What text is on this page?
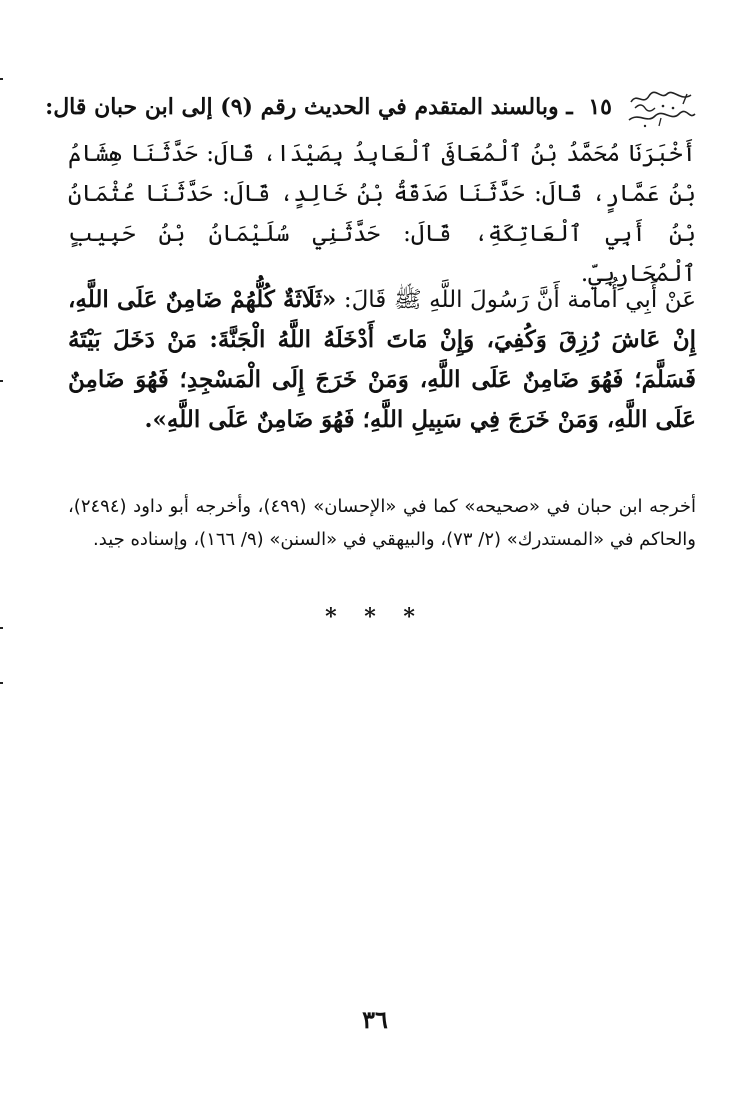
١٥ ـ وبالسند المتقدم في الحديث رقم (٩) إلى ابن حبان قال:
أَخْبَرَنَا مُحَمَّدُ بْنُ ٱلْمُعَافَى ٱلْعَابِدُ بِصَيْدَا، قَالَ: حَدَّثَنَا هِشَامُ بْنُ عَمَّارٍ، قَالَ: حَدَّثَنَا صَدَقَةُ بْنُ خَالِدٍ، قَالَ: حَدَّثَنَا عُثْمَانُ بْنُ أَبِي ٱلْعَاتِكَةِ، قَالَ: حَدَّثَنِي سُلَيْمَانُ بْنُ حَبِيبٍ ٱلْمُحَارِبِيّ.
عَنْ أَبِي أُمامة أَنَّ رَسُولَ اللَّهِ ﷺ قَالَ: «ثَلَاثَةٌ كُلُّهُمْ ضَامِنٌ عَلَى اللَّهِ، إِنْ عَاشَ رُزِقَ وَكُفِيَ، وَإِنْ مَاتَ أَدْخَلَهُ اللَّهُ الْجَنَّةَ: مَنْ دَخَلَ بَيْتَهُ فَسَلَّمَ؛ فَهُوَ ضَامِنٌ عَلَى اللَّهِ، وَمَنْ خَرَجَ إِلَى الْمَسْجِدِ؛ فَهُوَ ضَامِنٌ عَلَى اللَّهِ، وَمَنْ خَرَجَ فِي سَبِيلِ اللَّهِ؛ فَهُوَ ضَامِنٌ عَلَى اللَّهِ».
أخرجه ابن حبان في «صحيحه» كما في «الإحسان» (٤٩٩)، وأخرجه أبو داود (٢٤٩٤)، والحاكم في «المستدرك» (٢/ ٧٣)، والبيهقي في «السنن» (٩/ ١٦٦)، وإسناده جيد.
* * *
٣٦
